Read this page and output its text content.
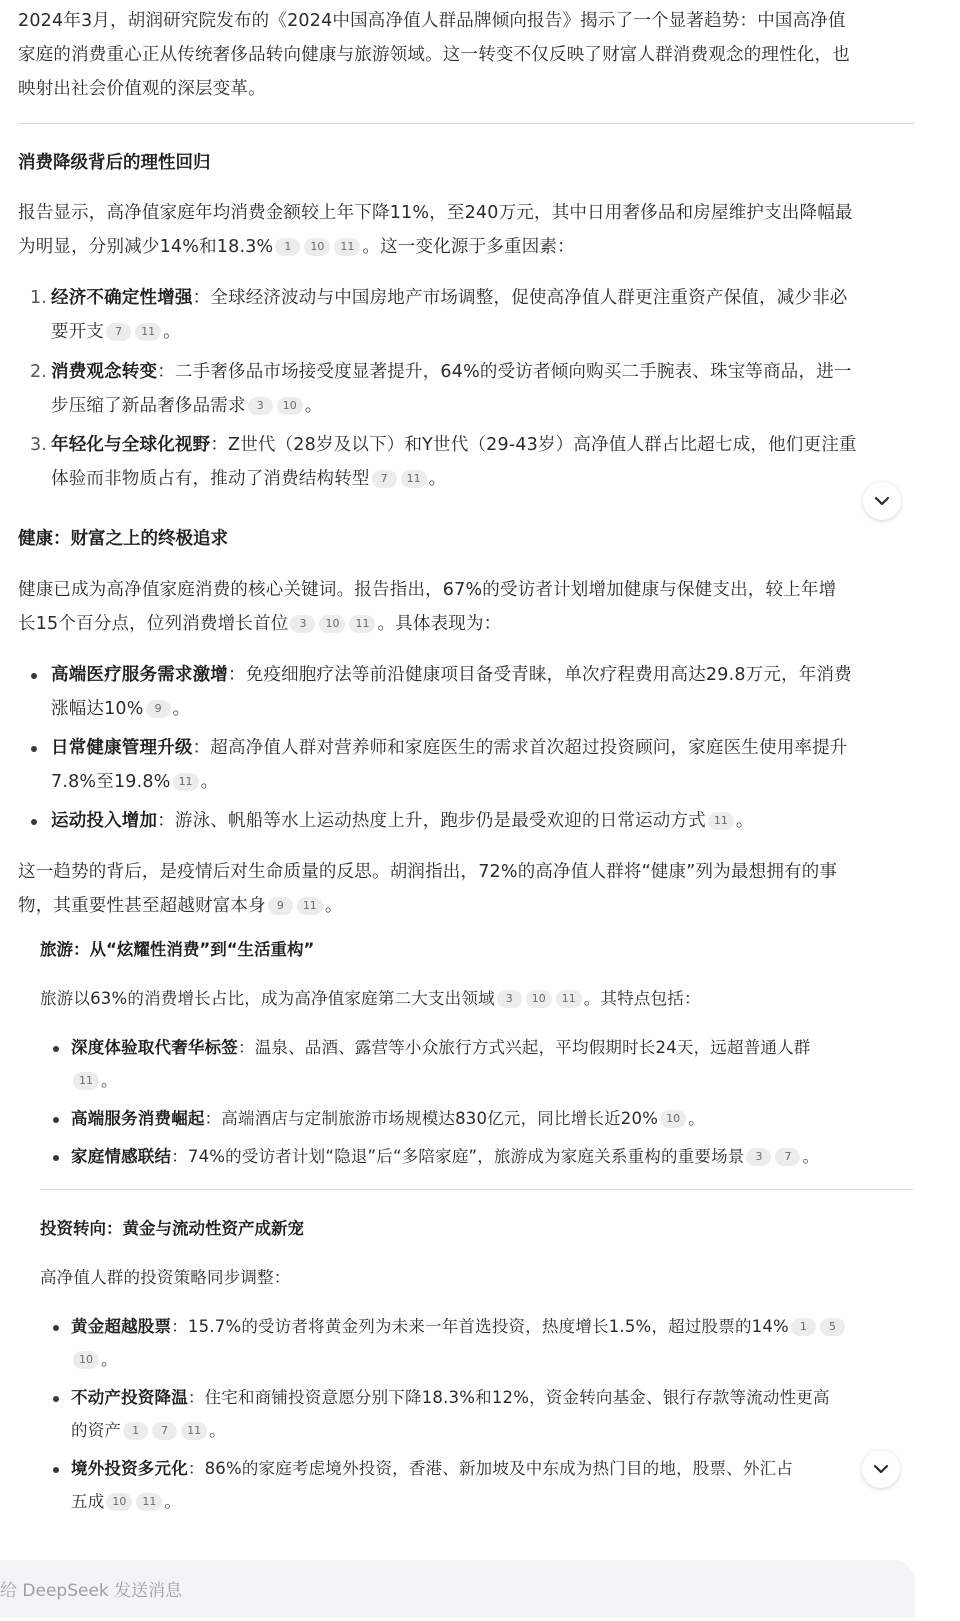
2024年3月，胡润研究院发布的《2024中国高净值人群品牌倾向报告》揭示了一个显著趋势：中国高净值

家庭的消费重心正从传统奢侈品转向健康与旅游领域。这一转变不仅反映了财富人群消费观念的理性化，也

映射出社会价值观的深层变革。

消费降级背后的理性回归

报告显示，高净值家庭年均消费金额较上年下降11%，至240万元，其中日用奢侈品和房屋维护支出降幅最

为明显，分别减少14%和18.3% 1 10 11 。这一变化源于多重因素：

1. 经济不确定性增强：全球经济波动与中国房地产市场调整，促使高净值人群更注重资产保值，减少非必

要开支 7 11 。

2. 消费观念转变：二手奢侈品市场接受度显著提升，64%的受访者倾向购买二手腕表、珠宝等商品，进一

步压缩了新品奢侈品需求 3 10 。

3. 年轻化与全球化视野：Z世代（28岁及以下）和Y世代（29-43岁）高净值人群占比超七成，他们更注重

体验而非物质占有，推动了消费结构转型 7 11 。

健康：财富之上的终极追求

健康已成为高净值家庭消费的核心关键词。报告指出，67%的受访者计划增加健康与保健支出，较上年增

长15个百分点，位列消费增长首位 3 10 11 。具体表现为：

高端医疗服务需求激增：免疫细胞疗法等前沿健康项目备受青睐，单次疗程费用高达29.8万元，年消费

涨幅达10% 9 。

日常健康管理升级：超高净值人群对营养师和家庭医生的需求首次超过投资顾问，家庭医生使用率提升

7.8%至19.8% 11 。

运动投入增加：游泳、帆船等水上运动热度上升，跑步仍是最受欢迎的日常运动方式 11 。

这一趋势的背后，是疫情后对生命质量的反思。胡润指出，72%的高净值人群将“健康”列为最想拥有的事

物，其重要性甚至超越财富本身 9 11 。

旅游：从“炫耀性消费”到“生活重构”

旅游以63%的消费增长占比，成为高净值家庭第二大支出领域 3 10 11 。其特点包括：

深度体验取代奢华标签：温泉、品酒、露营等小众旅行方式兴起，平均假期时长24天，远超普通人群

11 。

高端服务消费崛起：高端酒店与定制旅游市场规模达830亿元，同比增长近20% 10 。

家庭情感联结：74%的受访者计划“隐退”后“多陪家庭”，旅游成为家庭关系重构的重要场景 3 7 。

投资转向：黄金与流动性资产成新宠

高净值人群的投资策略同步调整：

黄金超越股票：15.7%的受访者将黄金列为未来一年首选投资，热度增长1.5%，超过股票的14% 1 5

10 。

不动产投资降温：住宅和商铺投资意愿分别下降18.3%和12%，资金转向基金、银行存款等流动性更高

的资产 1 7 11 。

境外投资多元化：86%的家庭考虑境外投资，香港、新加坡及中东成为热门目的地，股票、外汇占

五成 10 11 。

给 DeepSeek 发送消息
